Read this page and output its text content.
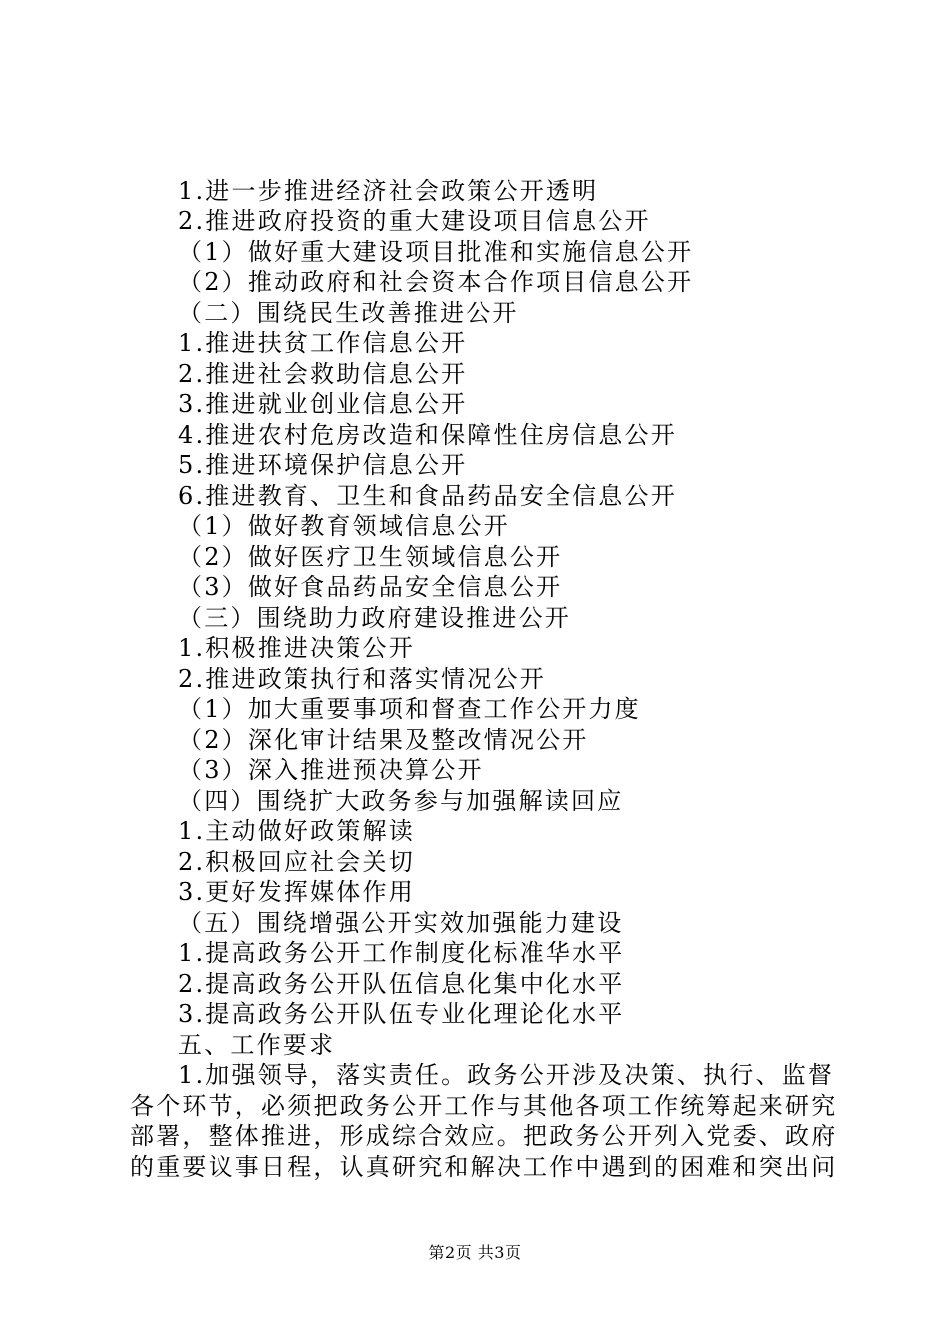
1.进一步推进经济社会政策公开透明
2.推进政府投资的重大建设项目信息公开
（1）做好重大建设项目批准和实施信息公开
（2）推动政府和社会资本合作项目信息公开
（二）围绕民生改善推进公开
1.推进扶贫工作信息公开
2.推进社会救助信息公开
3.推进就业创业信息公开
4.推进农村危房改造和保障性住房信息公开
5.推进环境保护信息公开
6.推进教育、卫生和食品药品安全信息公开
（1）做好教育领域信息公开
（2）做好医疗卫生领域信息公开
（3）做好食品药品安全信息公开
（三）围绕助力政府建设推进公开
1.积极推进决策公开
2.推进政策执行和落实情况公开
（1）加大重要事项和督查工作公开力度
（2）深化审计结果及整改情况公开
（3）深入推进预决算公开
（四）围绕扩大政务参与加强解读回应
1.主动做好政策解读
2.积极回应社会关切
3.更好发挥媒体作用
（五）围绕增强公开实效加强能力建设
1.提高政务公开工作制度化标准华水平
2.提高政务公开队伍信息化集中化水平
3.提高政务公开队伍专业化理论化水平
五、工作要求
1.加强领导，落实责任。政务公开涉及决策、执行、监督
各个环节，必须把政务公开工作与其他各项工作统筹起来研究
部署，整体推进，形成综合效应。把政务公开列入党委、政府
的重要议事日程，认真研究和解决工作中遇到的困难和突出问
第2页 共3页
